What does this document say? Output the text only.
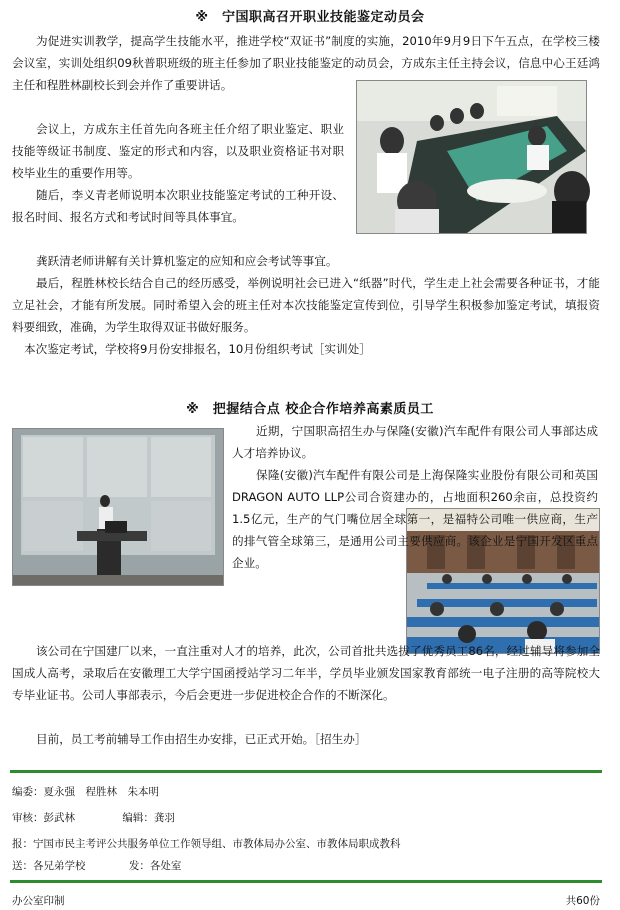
※　宁国职高召开职业技能鉴定动员会

为促进实训教学，提高学生技能水平，推进学校“双证书”制度的实施，2010年9月9日下午五点，在学校三楼会议室，实训处组织09秋普职班级的班主任参加了职业技能鉴定的动员会，方成东主任主持会议，信息中心王廷鸿主任和程胜林副校长到会并作了重要讲话。

会议上，方成东主任首先向各班主任介绍了职业鉴定、职业技能等级证书制度、鉴定的形式和内容，以及职业资格证书对职校毕业生的重要作用等。

随后，李义青老师说明本次职业技能鉴定考试的工种开设、报名时间、报名方式和考试时间等具体事宜。

龚跃清老师讲解有关计算机鉴定的应知和应会考试等事宜。

最后，程胜林校长结合自己的经历感受，举例说明社会已进入“纸器”时代，学生走上社会需要各种证书，才能立足社会，才能有所发展。同时希望入会的班主任对本次技能鉴定宣传到位，引导学生积极参加鉴定考试，填报资料要细致，准确，为学生取得双证书做好服务。

本次鉴定考试，学校将9月份安排报名，10月份组织考试［实训处］

※　把握结合点 校企合作培养高素质员工

近期，宁国职高招生办与保隆(安徽)汽车配件有限公司人事部达成人才培养协议。

保隆(安徽)汽车配件有限公司是上海保隆实业股份有限公司和英国DRAGON AUTO LLP公司合资建办的，占地面积260余亩，总投资约1.5亿元，生产的气门嘴位居全球第一，是福特公司唯一供应商，生产的排气管全球第三，是通用公司主要供应商。该企业是宁国开发区重点企业。

该公司在宁国建厂以来，一直注重对人才的培养，此次，公司首批共选拔了优秀员工86名，经过辅导将参加全国成人高考，录取后在安徽理工大学宁国函授站学习二年半，学员毕业颁发国家教育部统一电子注册的高等院校大专毕业证书。公司人事部表示，今后会更进一步促进校企合作的不断深化。

目前，员工考前辅导工作由招生办安排，已正式开始。［招生办］

编委：夏永强　程胜林　朱本明
审核：彭武林	编辑：龚羽
报：宁国市民主考评公共服务单位工作领导组、市教体局办公室、市教体局职成教科
送：各兄弟学校	发：各处室
办公室印制	共60份
